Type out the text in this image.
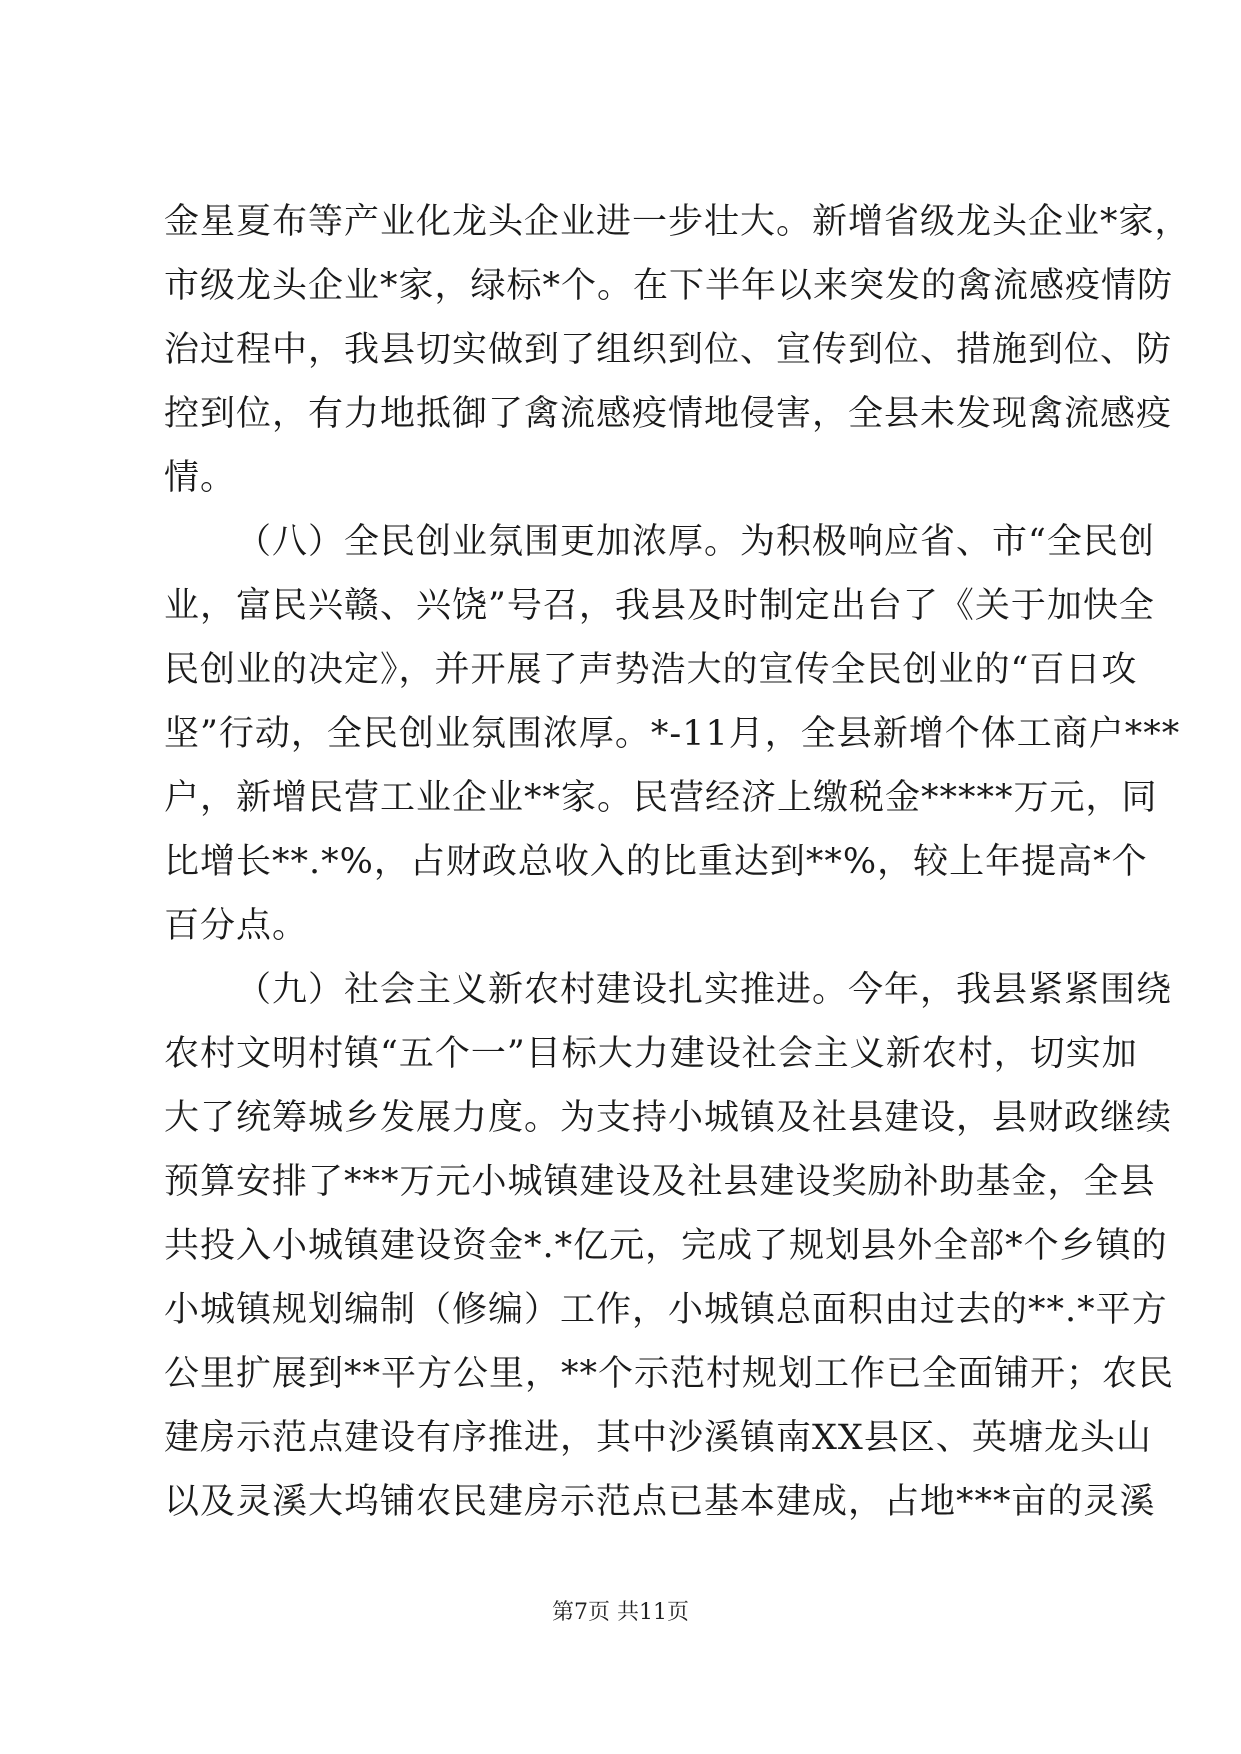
金星夏布等产业化龙头企业进一步壮大。新增省级龙头企业*家，
市级龙头企业*家，绿标*个。在下半年以来突发的禽流感疫情防
治过程中，我县切实做到了组织到位、宣传到位、措施到位、防
控到位，有力地抵御了禽流感疫情地侵害，全县未发现禽流感疫
情。
（八）全民创业氛围更加浓厚。为积极响应省、市“全民创
业，富民兴赣、兴饶”号召，我县及时制定出台了《关于加快全
民创业的决定》，并开展了声势浩大的宣传全民创业的“百日攻
坚”行动，全民创业氛围浓厚。*-11月，全县新增个体工商户***
户，新增民营工业企业**家。民营经济上缴税金*****万元，同
比增长**.*%，占财政总收入的比重达到**%，较上年提高*个
百分点。
（九）社会主义新农村建设扎实推进。今年，我县紧紧围绕
农村文明村镇“五个一”目标大力建设社会主义新农村，切实加
大了统筹城乡发展力度。为支持小城镇及社县建设，县财政继续
预算安排了***万元小城镇建设及社县建设奖励补助基金，全县
共投入小城镇建设资金*.*亿元，完成了规划县外全部*个乡镇的
小城镇规划编制（修编）工作，小城镇总面积由过去的**.*平方
公里扩展到**平方公里，**个示范村规划工作已全面铺开；农民
建房示范点建设有序推进，其中沙溪镇南XX县区、英塘龙头山
以及灵溪大坞铺农民建房示范点已基本建成，占地***亩的灵溪
第7页 共11页
